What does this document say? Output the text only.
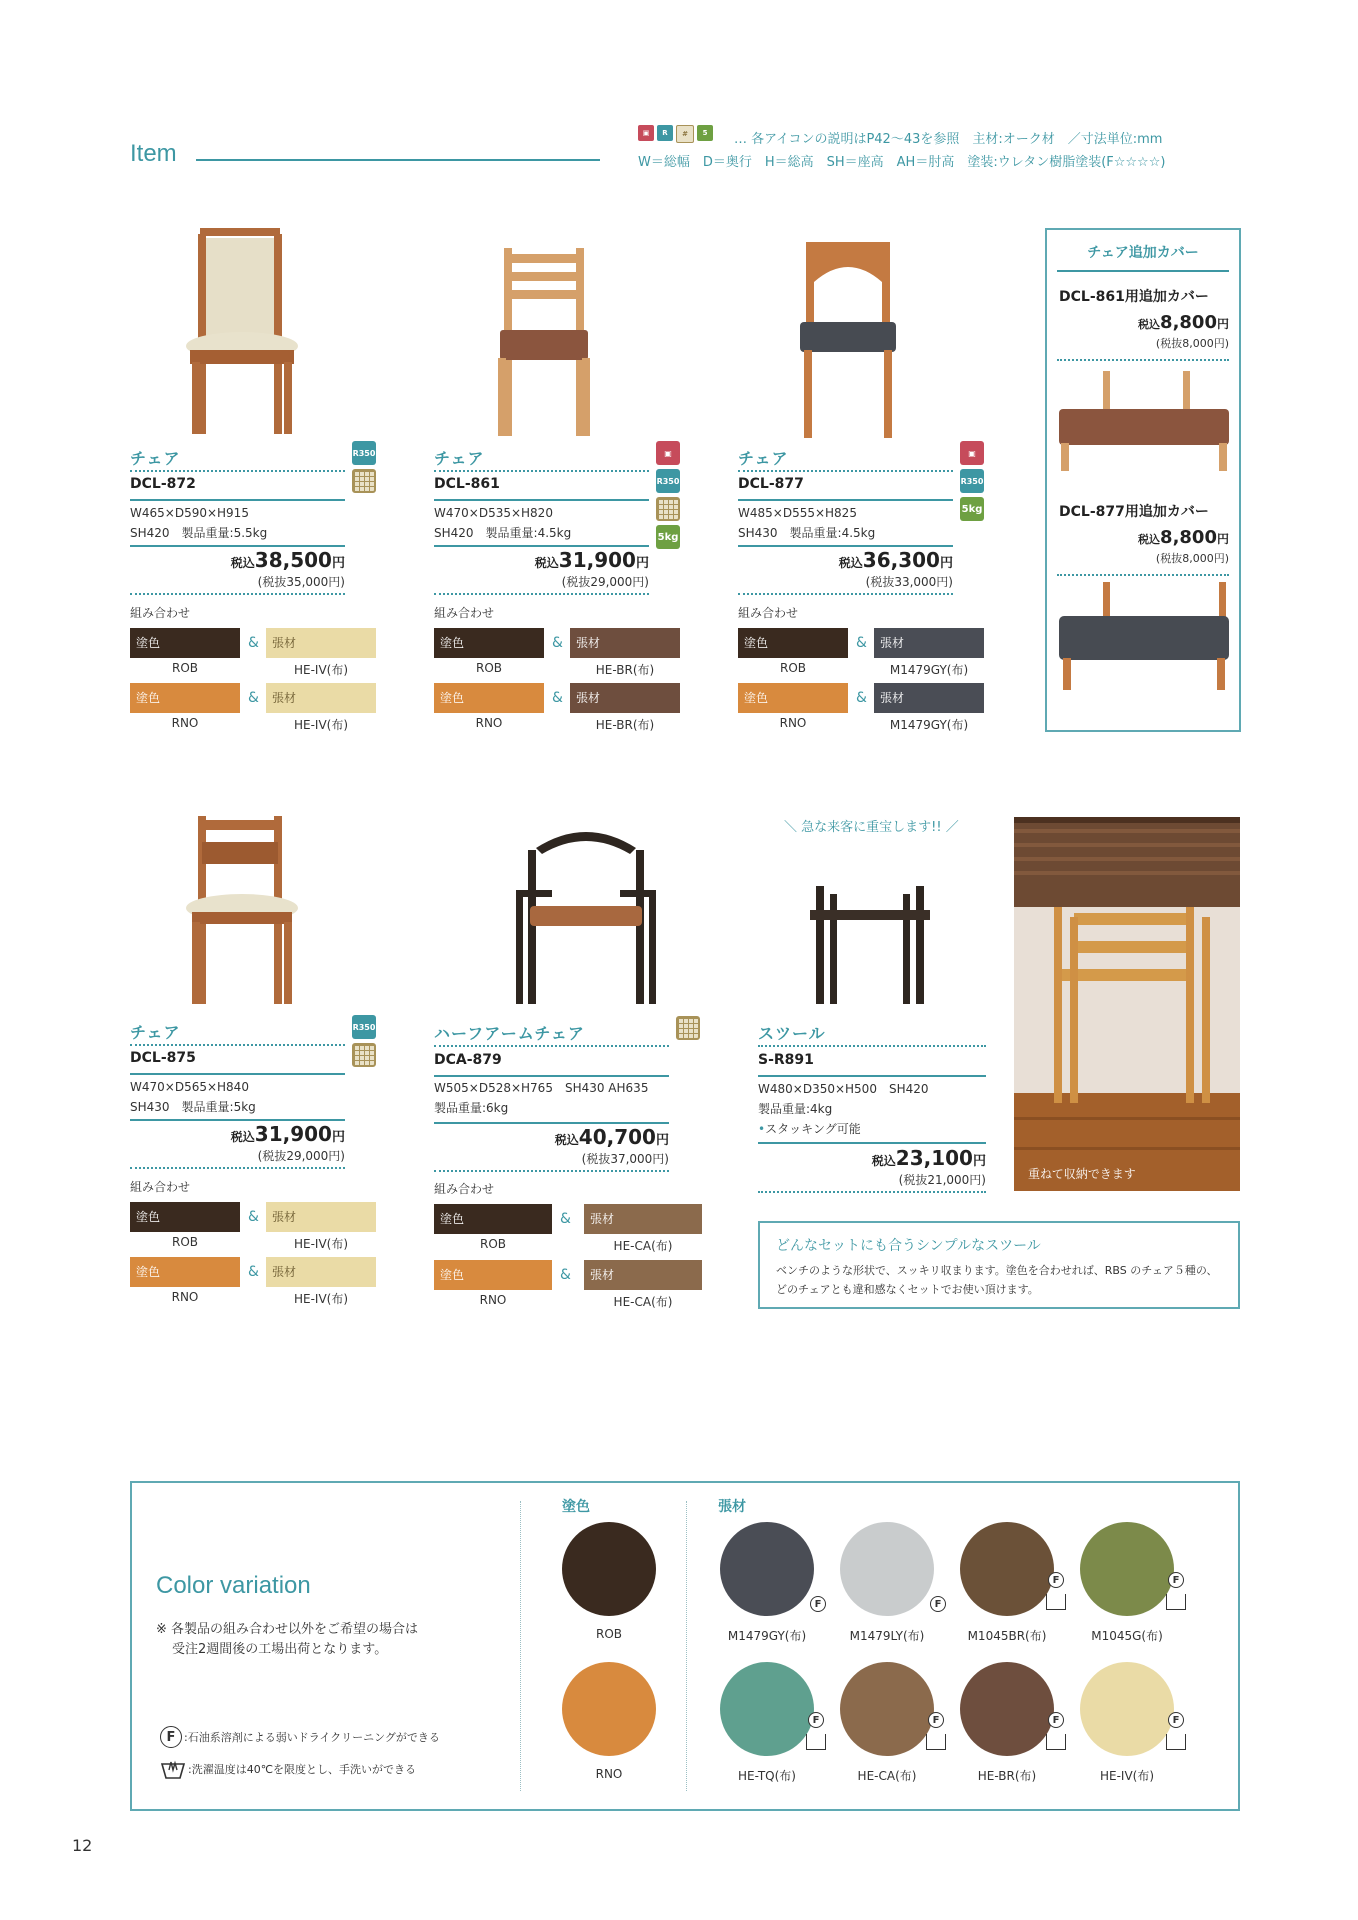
Item
▣	R	#	5	… 各アイコンの説明はP42～43を参照　主材:オーク材　／寸法単位:mm
W＝総幅　D＝奥行　H＝総高　SH＝座高　AH＝肘高　塗装:ウレタン樹脂塗装(F☆☆☆☆)
チェア	R350
DCL-872
W465×D590×H915
SH420　製品重量:5.5kg
税込38,500円
(税抜35,000円)
組み合わせ
塗色	&	張材
ROB	HE-IV(布)
塗色	&	張材
RNO	HE-IV(布)
チェア	▣
R350
5kg
DCL-861
W470×D535×H820
SH420　製品重量:4.5kg
税込31,900円
(税抜29,000円)
組み合わせ
塗色	&	張材
ROB	HE-BR(布)
塗色	&	張材
RNO	HE-BR(布)
チェア	▣
R350
5kg
DCL-877
W485×D555×H825
SH430　製品重量:4.5kg
税込36,300円
(税抜33,000円)
組み合わせ
塗色	&	張材
ROB	M1479GY(布)
塗色	&	張材
RNO	M1479GY(布)
チェア追加カバー
DCL-861用追加カバー
税込8,800円
(税抜8,000円)
DCL-877用追加カバー
税込8,800円
(税抜8,000円)
チェア	R350
DCL-875
W470×D565×H840
SH430　製品重量:5kg
税込31,900円
(税抜29,000円)
組み合わせ
塗色	&	張材
ROB	HE-IV(布)
塗色	&	張材
RNO	HE-IV(布)
ハーフアームチェア
DCA-879
W505×D528×H765　SH430 AH635
製品重量:6kg
税込40,700円
(税抜37,000円)
組み合わせ
塗色	&	張材
ROB	HE-CA(布)
塗色	&	張材
RNO	HE-CA(布)
＼ 急な来客に重宝します!! ／
スツール
S-R891
W480×D350×H500　SH420
製品重量:4kg
•スタッキング可能
税込23,100円
(税抜21,000円)	重ねて収納できます
どんなセットにも合うシンプルなスツール
ベンチのような形状で、スッキリ収まります。塗色を合わせれば、RBS のチェア５種の、どのチェアとも違和感なくセットでお使い頂けます。
Color variation
※ 各製品の組み合わせ以外をご希望の場合は
受注2週間後の工場出荷となります。
F :石油系溶剤による弱いドライクリーニングができる
:洗濯温度は40℃を限度とし、手洗いができる
塗色	張材
ROB
RNO
F
M1479GY(布)
F
M1479LY(布)
F
M1045BR(布)
F
M1045G(布)
F
HE-TQ(布)
F
HE-CA(布)
F
HE-BR(布)
F
HE-IV(布)
12
